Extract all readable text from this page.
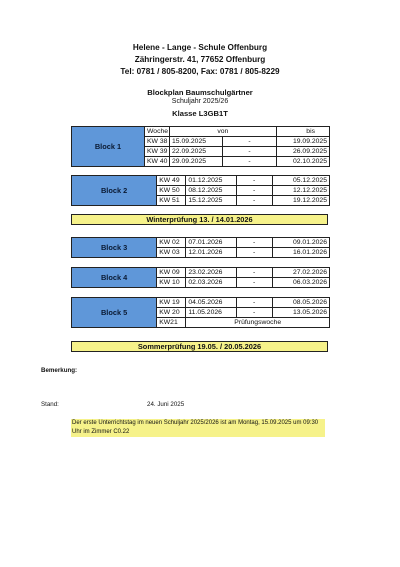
Helene - Lange - Schule Offenburg
Zähringerstr. 41, 77652 Offenburg
Tel: 0781 / 805-8200, Fax: 0781 / 805-8229
Blockplan Baumschulgärtner
Schuljahr 2025/26
Klasse L3GB1T
Block 1	Woche	von		bis
	KW 38	15.09.2025	-	19.09.2025
	KW 39	22.09.2025	-	26.09.2025
	KW 40	29.09.2025	-	02.10.2025
Block 2	KW 49	01.12.2025	-	05.12.2025
	KW 50	08.12.2025	-	12.12.2025
	KW 51	15.12.2025	-	19.12.2025
Winterprüfung 13. / 14.01.2026
Block 3	KW 02	07.01.2026	-	09.01.2026
	KW 03	12.01.2026	-	16.01.2026
Block 4	KW 09	23.02.2026	-	27.02.2026
	KW 10	02.03.2026	-	06.03.2026
Block 5	KW 19	04.05.2026	-	08.05.2026
	KW 20	11.05.2026	-	13.05.2026
	KW21	Prüfungswoche		
Sommerprüfung 19.05. / 20.05.2026
Bemerkung:
Stand:	24. Juni 2025
Der erste Unterrichtstag im neuen Schuljahr 2025/2026 ist am Montag, 15.09.2025 um 09:30 Uhr im Zimmer C0.22
